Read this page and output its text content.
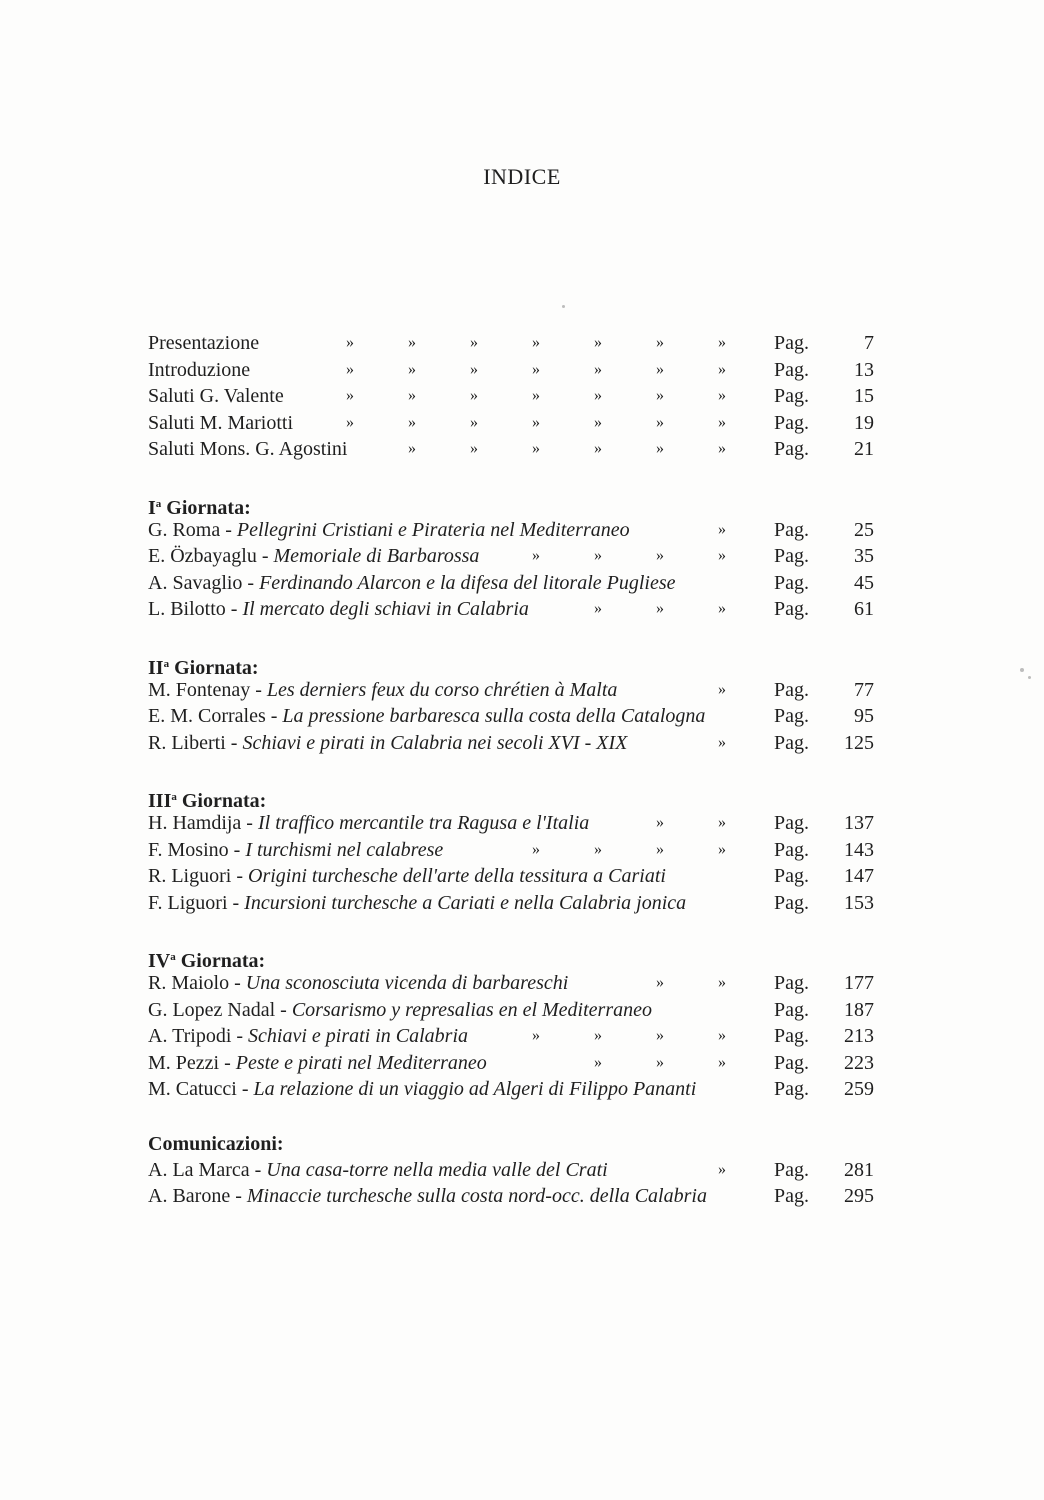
INDICE
Presentazione	»	»	»	»	»	»	» Pag.	7
Introduzione	»	»	»	»	»	»	» Pag. 13
Saluti G. Valente	»	»	»	»	»	»	» Pag. 15
Saluti M. Mariotti	»	»	»	»	»	»	» Pag. 19
Saluti Mons. G. Agostini	»	»	»	»	»	» Pag. 21
$I^a$ Giornata:
G. Roma - Pellegrini Cristiani e Pirateria nel Mediterraneo	» Pag. 25
E. Özbayaglu - Memoriale di Barbarossa	»	»	»	» Pag. 35
A. Savaglio - Ferdinando Alarcon e la difesa del litorale Pugliese	Pag. 45
L. Bilotto - Il mercato degli schiavi in Calabria	»	»	» Pag. 61
$II^a$ Giornata:
M. Fontenay - Les derniers feux du corso chrétien à Malta	» Pag. 77
E. M. Corrales - La pressione barbaresca sulla costa della Catalogna	Pag. 95
R. Liberti - Schiavi e pirati in Calabria nei secoli XVI - XIX	» Pag. 125
III$^a$ Giornata:
H. Hamdija - Il traffico mercantile tra Ragusa e l'Italia	»	» Pag. 137
F. Mosino - I turchismi nel calabrese	»	»	»	» Pag. 143
R. Liguori - Origini turchesche dell'arte della tessitura a Cariati	Pag. 147
F. Liguori - Incursioni turchesche a Cariati e nella Calabria jonica	Pag. 153
$IV^a$ Giornata:
R. Maiolo - Una sconosciuta vicenda di barbareschi	»	» Pag. 177
G. Lopez Nadal - Corsarismo y represalias en el Mediterraneo	Pag. 187
A. Tripodi - Schiavi e pirati in Calabria	»	»	»	» Pag. 213
M. Pezzi - Peste e pirati nel Mediterraneo	»	»	» Pag. 223
M. Catucci - La relazione di un viaggio ad Algeri di Filippo Pananti	Pag. 259
Comunicazioni:
A. La Marca - Una casa-torre nella media valle del Crati	» Pag. 281
A. Barone - Minaccie turchesche sulla costa nord-occ. della Calabria	Pag. 295
